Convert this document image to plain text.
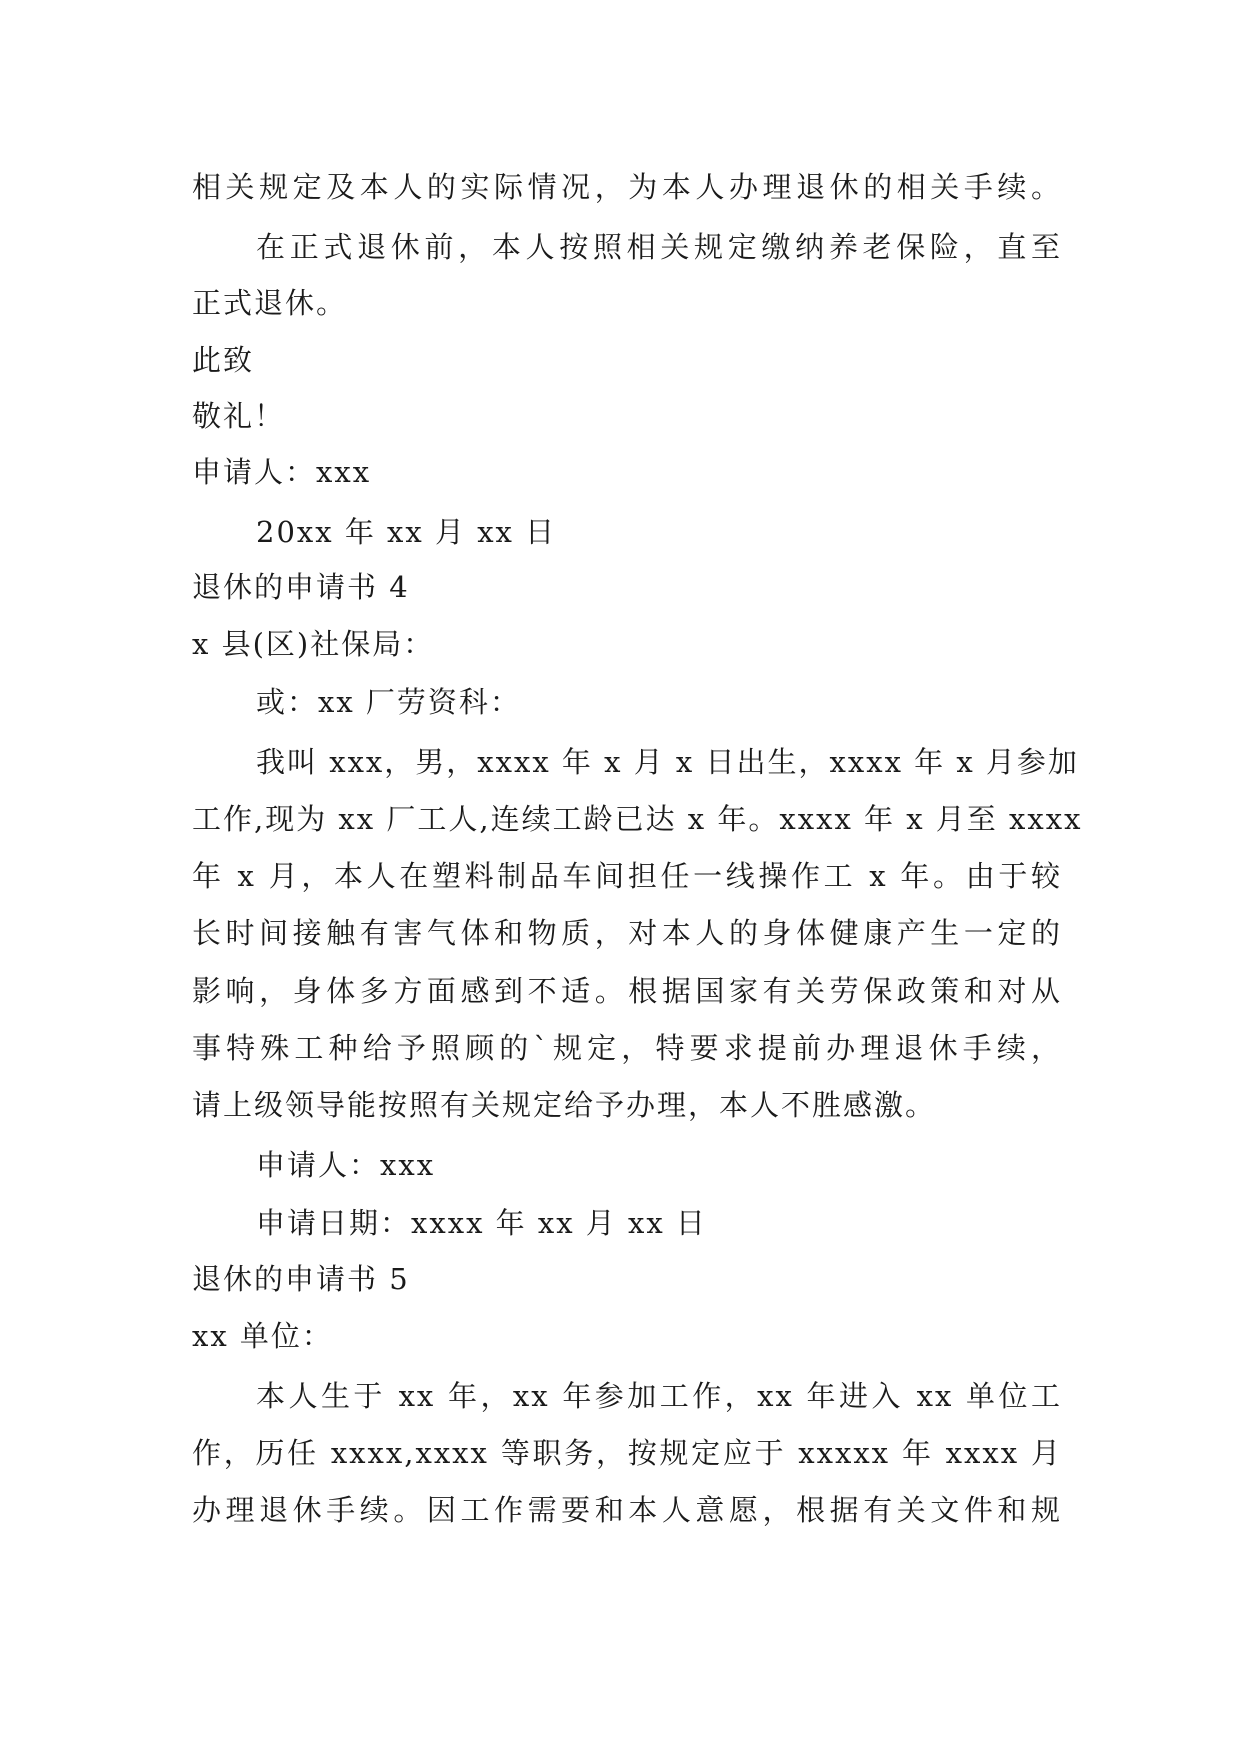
相关规定及本人的实际情况，为本人办理退休的相关手续。
在正式退休前，本人按照相关规定缴纳养老保险，直至
正式退休。
此致
敬礼！
申请人：xxx
20xx 年 xx 月 xx 日
退休的申请书 4
x 县(区)社保局：
或：xx 厂劳资科：
我叫 xxx，男，xxxx 年 x 月 x 日出生，xxxx 年 x 月参加
工作,现为 xx 厂工人,连续工龄已达 x 年。xxxx 年 x 月至 xxxx
年 x 月，本人在塑料制品车间担任一线操作工 x 年。由于较
长时间接触有害气体和物质，对本人的身体健康产生一定的
影响，身体多方面感到不适。根据国家有关劳保政策和对从
事特殊工种给予照顾的`规定，特要求提前办理退休手续，
请上级领导能按照有关规定给予办理，本人不胜感激。
申请人：xxx
申请日期：xxxx 年 xx 月 xx 日
退休的申请书 5
xx 单位：
本人生于 xx 年，xx 年参加工作，xx 年进入 xx 单位工
作，历任 xxxx,xxxx 等职务，按规定应于 xxxxx 年 xxxx 月
办理退休手续。因工作需要和本人意愿，根据有关文件和规
